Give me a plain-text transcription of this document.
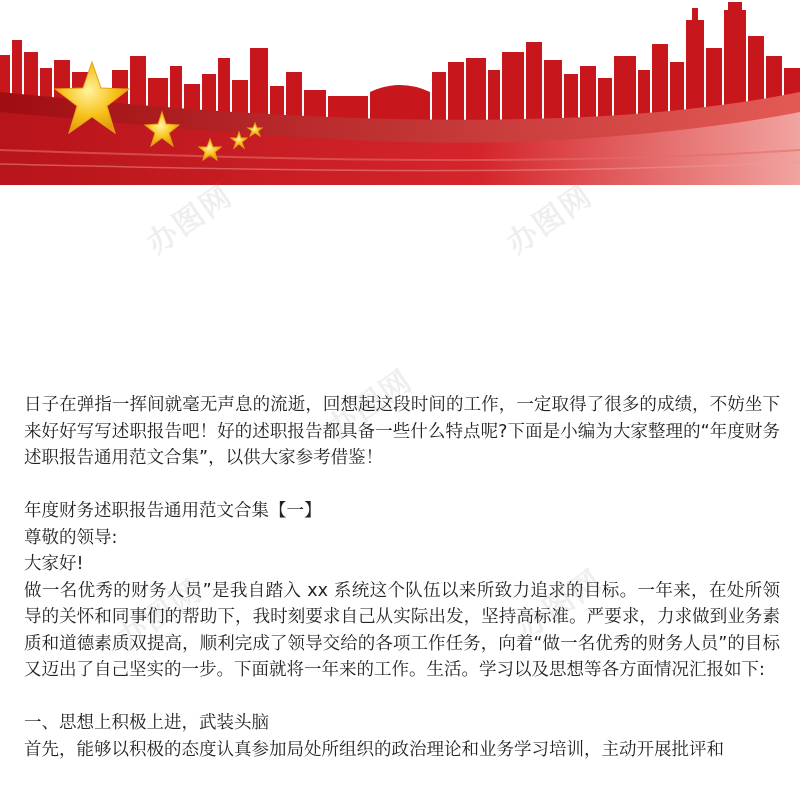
办图网	办图网
办图网
办图网	办图网

日子在弹指一挥间就毫无声息的流逝，回想起这段时间的工作，一定取得了很多的成绩，不妨坐下来好好写写述职报告吧！好的述职报告都具备一些什么特点呢?下面是小编为大家整理的“年度财务述职报告通用范文合集”，以供大家参考借鉴！

年度财务述职报告通用范文合集【一】

尊敬的领导:

大家好!

做一名优秀的财务人员”是我自踏入 xx 系统这个队伍以来所致力追求的目标。一年来，在处所领导的关怀和同事们的帮助下，我时刻要求自己从实际出发，坚持高标准。严要求，力求做到业务素质和道德素质双提高，顺利完成了领导交给的各项工作任务，向着“做一名优秀的财务人员”的目标又迈出了自己坚实的一步。下面就将一年来的工作。生活。学习以及思想等各方面情况汇报如下:

一、思想上积极上进，武装头脑

首先，能够以积极的态度认真参加局处所组织的政治理论和业务学习培训，主动开展批评和
